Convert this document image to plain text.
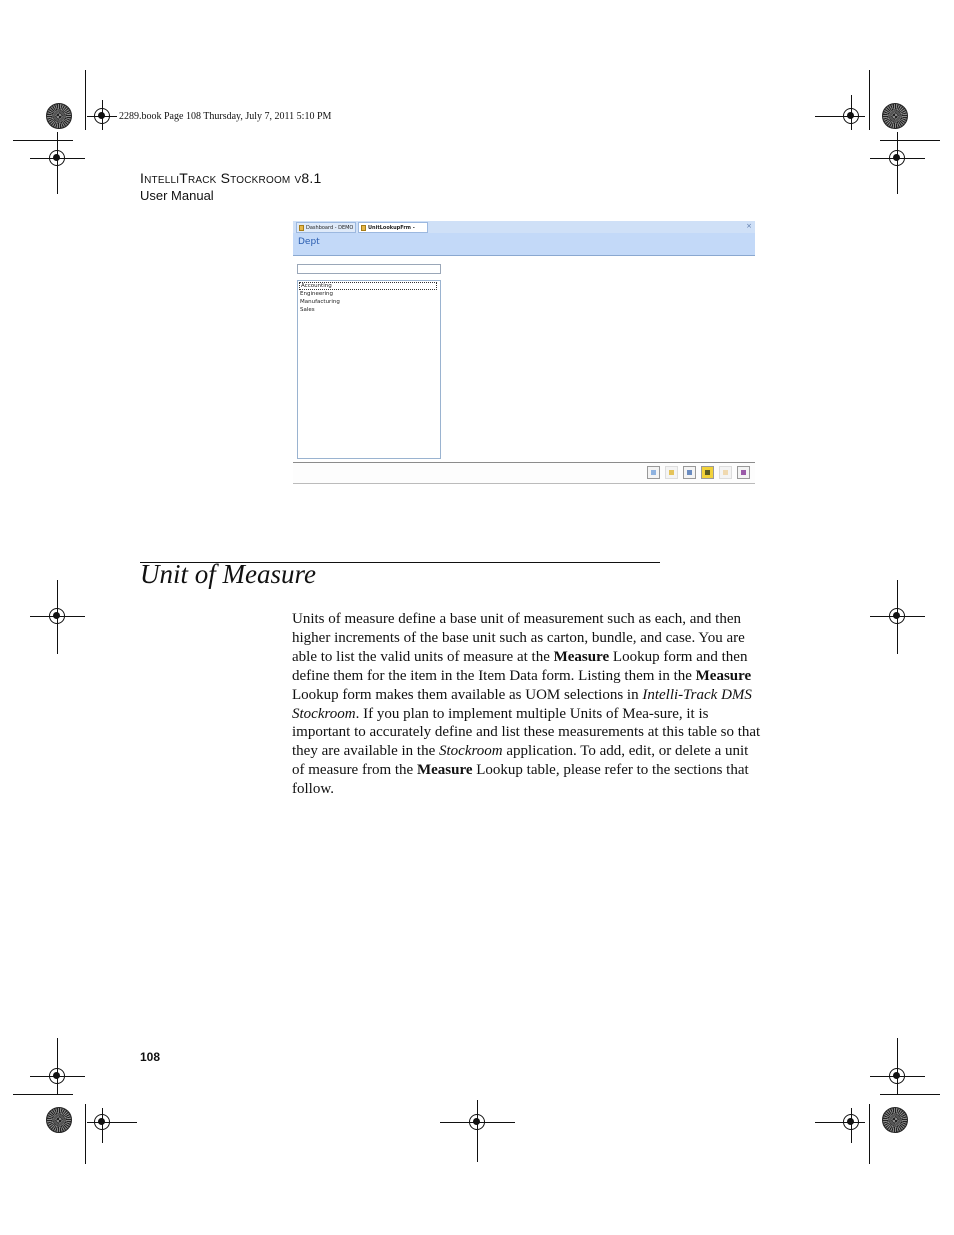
2289.book Page 108 Thursday, July 7, 2011 5:10 PM
IntelliTrack Stockroom v8.1
User Manual
Dashboard - DEMO	UnitLookupFrm -	×
Dept
Accounting
Engineering
Manufacturing
Sales
Unit of Measure

Units of measure define a base unit of measurement such as each, and then higher increments of the base unit such as carton, bundle, and case. You are able to list the valid units of measure at the Measure Lookup form and then define them for the item in the Item Data form. Listing them in the Measure Lookup form makes them available as UOM selections in Intelli-Track DMS Stockroom. If you plan to implement multiple Units of Mea-sure, it is important to accurately define and list these measurements at this table so that they are available in the Stockroom application. To add, edit, or delete a unit of measure from the Measure Lookup table, please refer to the sections that follow.

108
